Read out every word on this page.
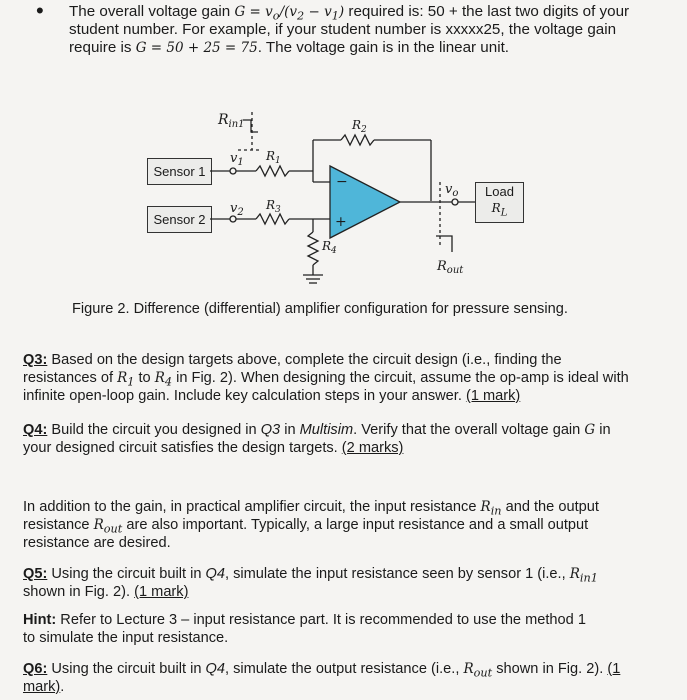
• The overall voltage gain $G = v_o/(v_2 - v_1)$ required is: 50 + the last two digits of your
student number. For example, if your student number is xxxxx25, the voltage gain
require is G = 50 + 25 = 75. The voltage gain is in the linear unit.
Sensor 1
Sensor 2
Load
$R_L$
−
+
$R_{in1}$
$v_1$
$v_2$
$R_1$
$R_3$
$R_2$
$R_4$
$v_o$
$R_{out}$
Figure 2. Difference (differential) amplifier configuration for pressure sensing.
Q3: Based on the design targets above, complete the circuit design (i.e., finding the
resistances of $R_1$ to $R_4$ in Fig. 2). When designing the circuit, assume the op-amp is ideal with
infinite open-loop gain. Include key calculation steps in your answer. (1 mark)
Q4: Build the circuit you designed in Q3 in Multisim. Verify that the overall voltage gain G in
your designed circuit satisfies the design targets. (2 marks)
In addition to the gain, in practical amplifier circuit, the input resistance $R_{in}$ and the output
resistance $R_{out}$ are also important. Typically, a large input resistance and a small output
resistance are desired.
Q5: Using the circuit built in Q4, simulate the input resistance seen by sensor 1 (i.e., $R_{in1}$
shown in Fig. 2). (1 mark)
Hint: Refer to Lecture 3 – input resistance part. It is recommended to use the method 1
to simulate the input resistance.
Q6: Using the circuit built in Q4, simulate the output resistance (i.e., $R_{out}$ shown in Fig. 2). (1
mark).
